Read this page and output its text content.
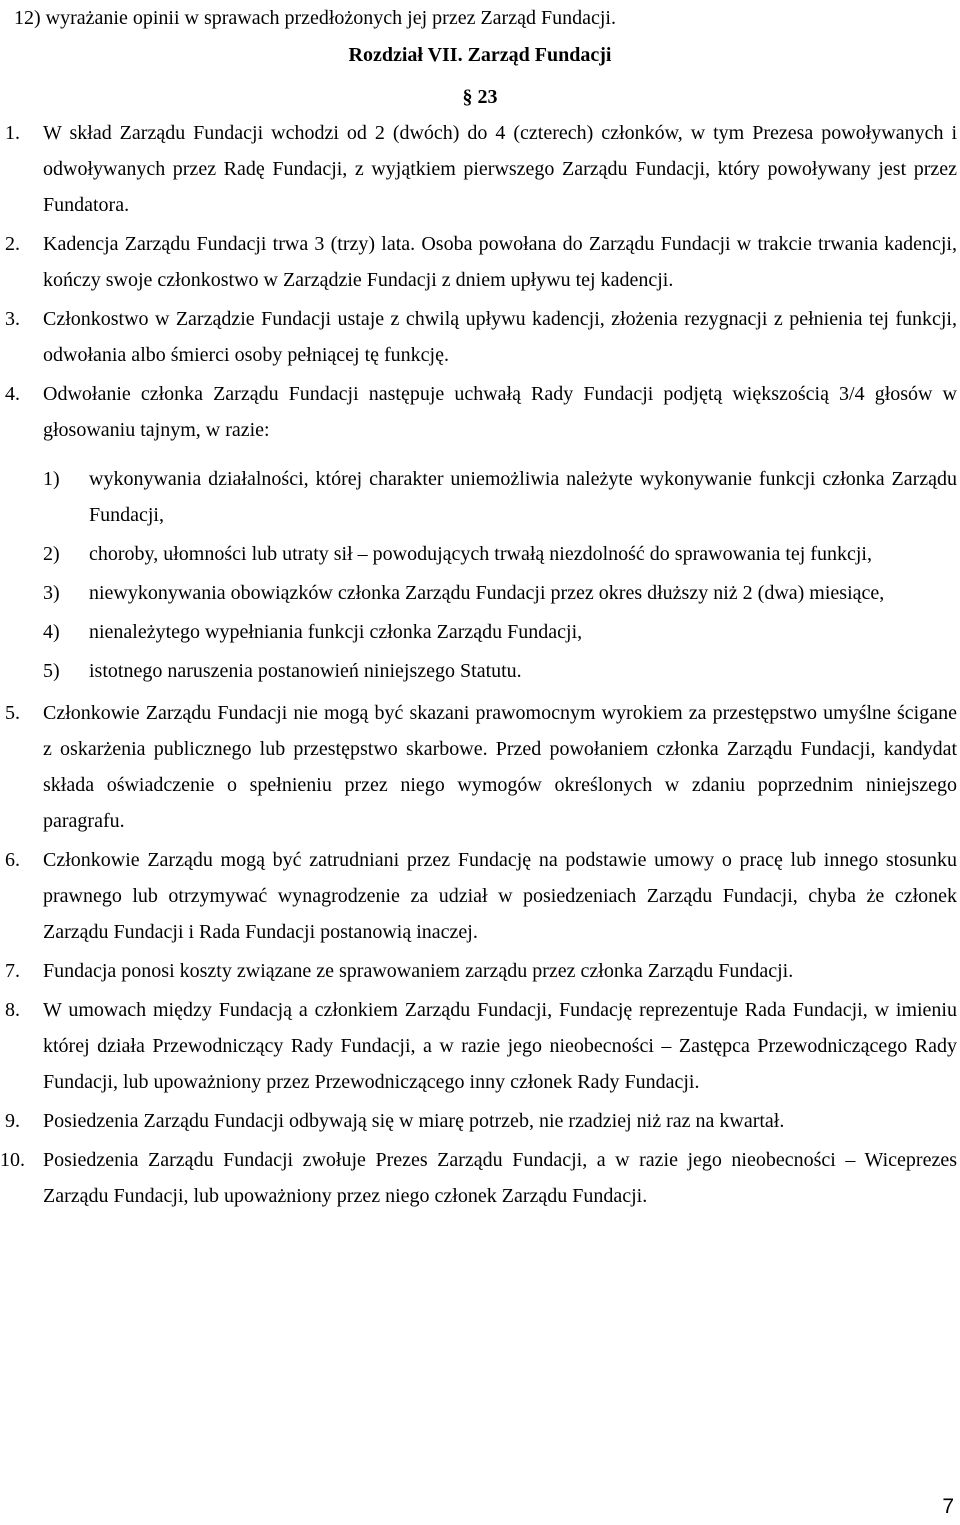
12) wyrażanie opinii w sprawach przedłożonych jej przez Zarząd Fundacji.
Rozdział VII. Zarząd Fundacji
§ 23
1. W skład Zarządu Fundacji wchodzi od 2 (dwóch) do 4 (czterech) członków, w tym Prezesa powoływanych i odwoływanych przez Radę Fundacji, z wyjątkiem pierwszego Zarządu Fundacji, który powoływany jest przez Fundatora.
2. Kadencja Zarządu Fundacji trwa 3 (trzy) lata. Osoba powołana do Zarządu Fundacji w trakcie trwania kadencji, kończy swoje członkostwo w Zarządzie Fundacji z dniem upływu tej kadencji.
3. Członkostwo w Zarządzie Fundacji ustaje z chwilą upływu kadencji, złożenia rezygnacji z pełnienia tej funkcji, odwołania albo śmierci osoby pełniącej tę funkcję.
4. Odwołanie członka Zarządu Fundacji następuje uchwałą Rady Fundacji podjętą większością 3/4 głosów w głosowaniu tajnym, w razie:
1) wykonywania działalności, której charakter uniemożliwia należyte wykonywanie funkcji członka Zarządu Fundacji,
2) choroby, ułomności lub utraty sił – powodujących trwałą niezdolność do sprawowania tej funkcji,
3) niewykonywania obowiązków członka Zarządu Fundacji przez okres dłuższy niż 2 (dwa) miesiące,
4) nienależytego wypełniania funkcji członka Zarządu Fundacji,
5) istotnego naruszenia postanowień niniejszego Statutu.
5. Członkowie Zarządu Fundacji nie mogą być skazani prawomocnym wyrokiem za przestępstwo umyślne ścigane z oskarżenia publicznego lub przestępstwo skarbowe. Przed powołaniem członka Zarządu Fundacji, kandydat składa oświadczenie o spełnieniu przez niego wymogów określonych w zdaniu poprzednim niniejszego paragrafu.
6. Członkowie Zarządu mogą być zatrudniani przez Fundację na podstawie umowy o pracę lub innego stosunku prawnego lub otrzymywać wynagrodzenie za udział w posiedzeniach Zarządu Fundacji, chyba że członek Zarządu Fundacji i Rada Fundacji postanowią inaczej.
7. Fundacja ponosi koszty związane ze sprawowaniem zarządu przez członka Zarządu Fundacji.
8. W umowach między Fundacją a członkiem Zarządu Fundacji, Fundację reprezentuje Rada Fundacji, w imieniu której działa Przewodniczący Rady Fundacji, a w razie jego nieobecności – Zastępca Przewodniczącego Rady Fundacji, lub upoważniony przez Przewodniczącego inny członek Rady Fundacji.
9. Posiedzenia Zarządu Fundacji odbywają się w miarę potrzeb, nie rzadziej niż raz na kwartał.
10. Posiedzenia Zarządu Fundacji zwołuje Prezes Zarządu Fundacji, a w razie jego nieobecności – Wiceprezes Zarządu Fundacji, lub upoważniony przez niego członek Zarządu Fundacji.
7
